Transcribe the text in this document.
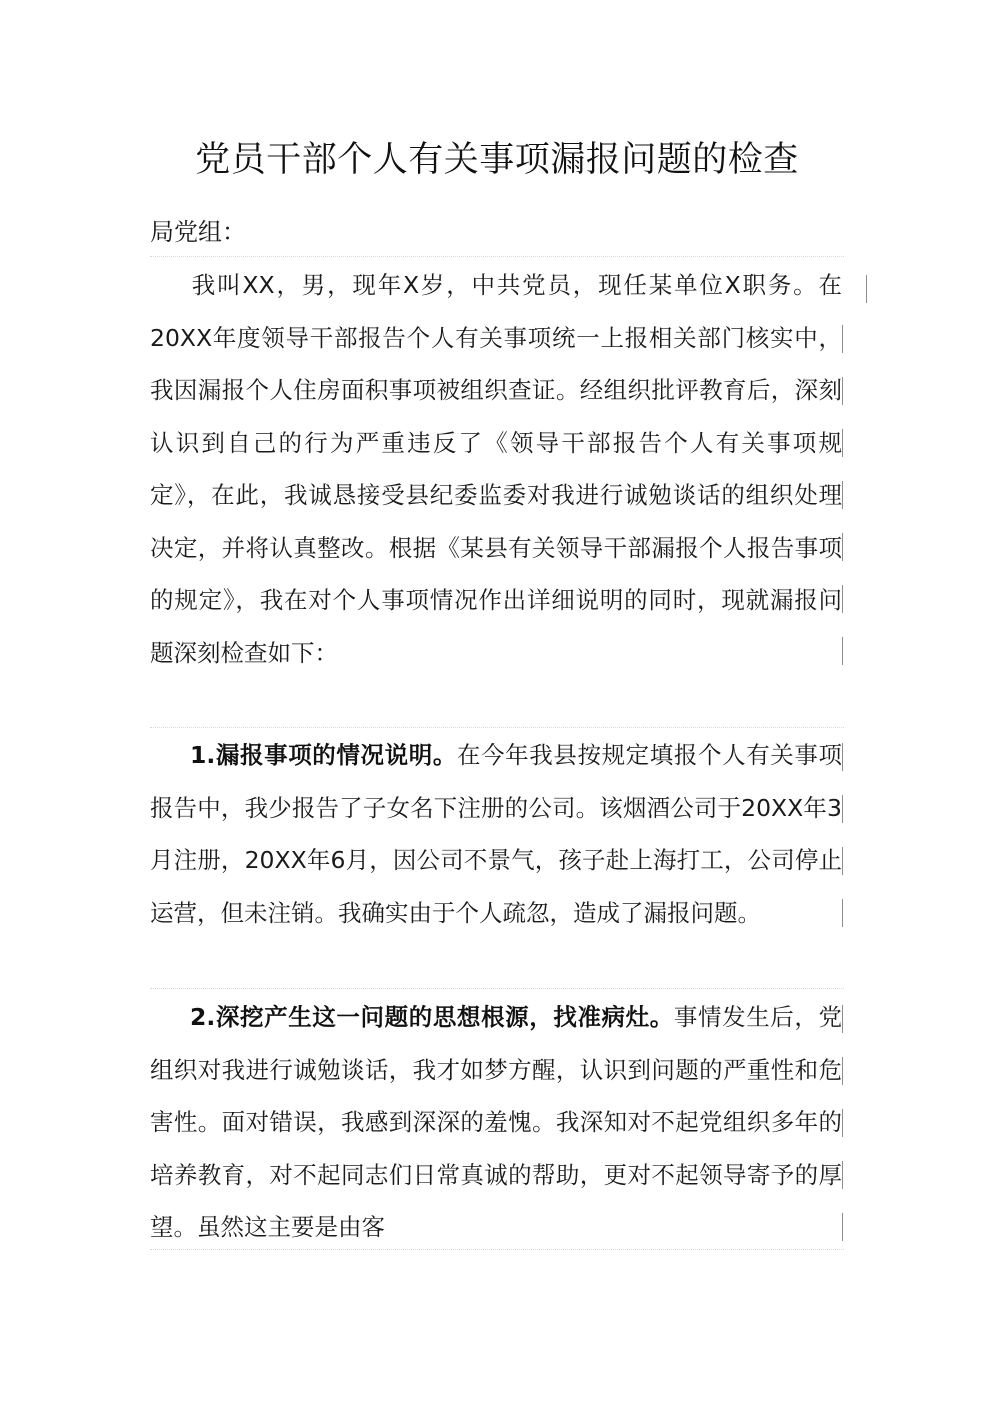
党员干部个人有关事项漏报问题的检查
局党组：
我叫XX，男，现年X岁，中共党员，现任某单位X职务。在20XX年度领导干部报告个人有关事项统一上报相关部门核实中，我因漏报个人住房面积事项被组织查证。经组织批评教育后，深刻认识到自己的行为严重违反了《领导干部报告个人有关事项规定》，在此，我诚恳接受县纪委监委对我进行诚勉谈话的组织处理决定，并将认真整改。根据《某县有关领导干部漏报个人报告事项的规定》，我在对个人事项情况作出详细说明的同时，现就漏报问题深刻检查如下：
1.漏报事项的情况说明。在今年我县按规定填报个人有关事项报告中，我少报告了子女名下注册的公司。该烟酒公司于20XX年3月注册，20XX年6月，因公司不景气，孩子赴上海打工，公司停止运营，但未注销。我确实由于个人疏忽，造成了漏报问题。
2.深挖产生这一问题的思想根源，找准病灶。事情发生后，党组织对我进行诚勉谈话，我才如梦方醒，认识到问题的严重性和危害性。面对错误，我感到深深的羞愧。我深知对不起党组织多年的培养教育，对不起同志们日常真诚的帮助，更对不起领导寄予的厚望。虽然这主要是由客
